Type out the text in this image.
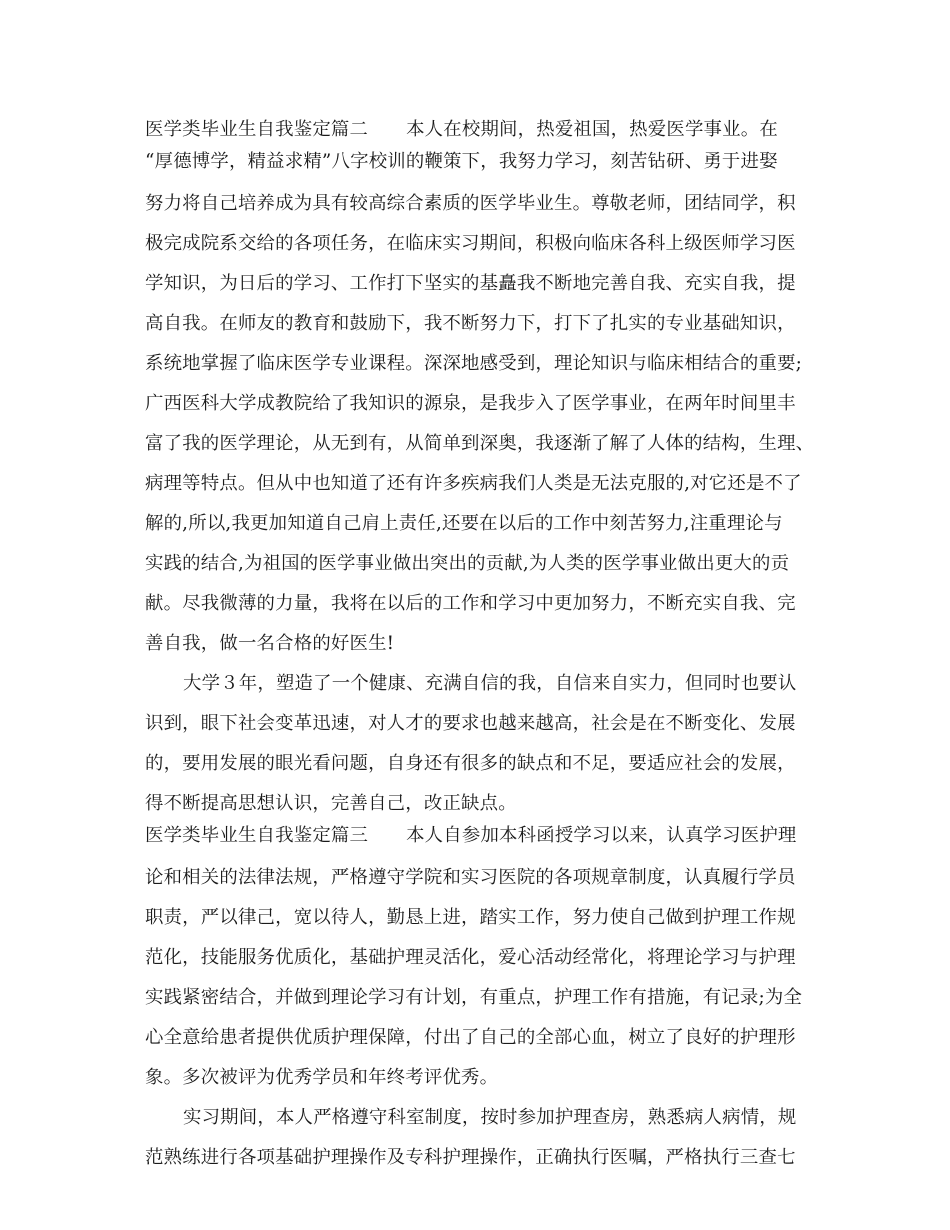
医学类毕业生自我鉴定篇二 本人在校期间，热爱祖国，热爱医学事业。在
“厚德博学，精益求精”八字校训的鞭策下，我努力学习，刻苦钻研、勇于进娶
努力将自己培养成为具有较高综合素质的医学毕业生。尊敬老师，团结同学，积
极完成院系交给的各项任务，在临床实习期间，积极向临床各科上级医师学习医
学知识，为日后的学习、工作打下坚实的基矗我不断地完善自我、充实自我，提
高自我。在师友的教育和鼓励下，我不断努力下，打下了扎实的专业基础知识，
系统地掌握了临床医学专业课程。深深地感受到，理论知识与临床相结合的重要;
广西医科大学成教院给了我知识的源泉，是我步入了医学事业，在两年时间里丰
富了我的医学理论，从无到有，从简单到深奥，我逐渐了解了人体的结构，生理、
病理等特点。但从中也知道了还有许多疾病我们人类是无法克服的,对它还是不了
解的,所以,我更加知道自己肩上责任,还要在以后的工作中刻苦努力,注重理论与
实践的结合,为祖国的医学事业做出突出的贡献,为人类的医学事业做出更大的贡
献。尽我微薄的力量，我将在以后的工作和学习中更加努力，不断充实自我、完
善自我，做一名合格的好医生!
大学３年，塑造了一个健康、充满自信的我，自信来自实力，但同时也要认
识到，眼下社会变革迅速，对人才的要求也越来越高，社会是在不断变化、发展
的，要用发展的眼光看问题，自身还有很多的缺点和不足，要适应社会的发展，
得不断提高思想认识，完善自己，改正缺点。
医学类毕业生自我鉴定篇三 本人自参加本科函授学习以来，认真学习医护理
论和相关的法律法规，严格遵守学院和实习医院的各项规章制度，认真履行学员
职责，严以律己，宽以待人，勤恳上进，踏实工作，努力使自己做到护理工作规
范化，技能服务优质化，基础护理灵活化，爱心活动经常化，将理论学习与护理
实践紧密结合，并做到理论学习有计划，有重点，护理工作有措施，有记录;为全
心全意给患者提供优质护理保障，付出了自己的全部心血，树立了良好的护理形
象。多次被评为优秀学员和年终考评优秀。
实习期间，本人严格遵守科室制度，按时参加护理查房，熟悉病人病情，规
范熟练进行各项基础护理操作及专科护理操作，正确执行医嘱，严格执行三查七
